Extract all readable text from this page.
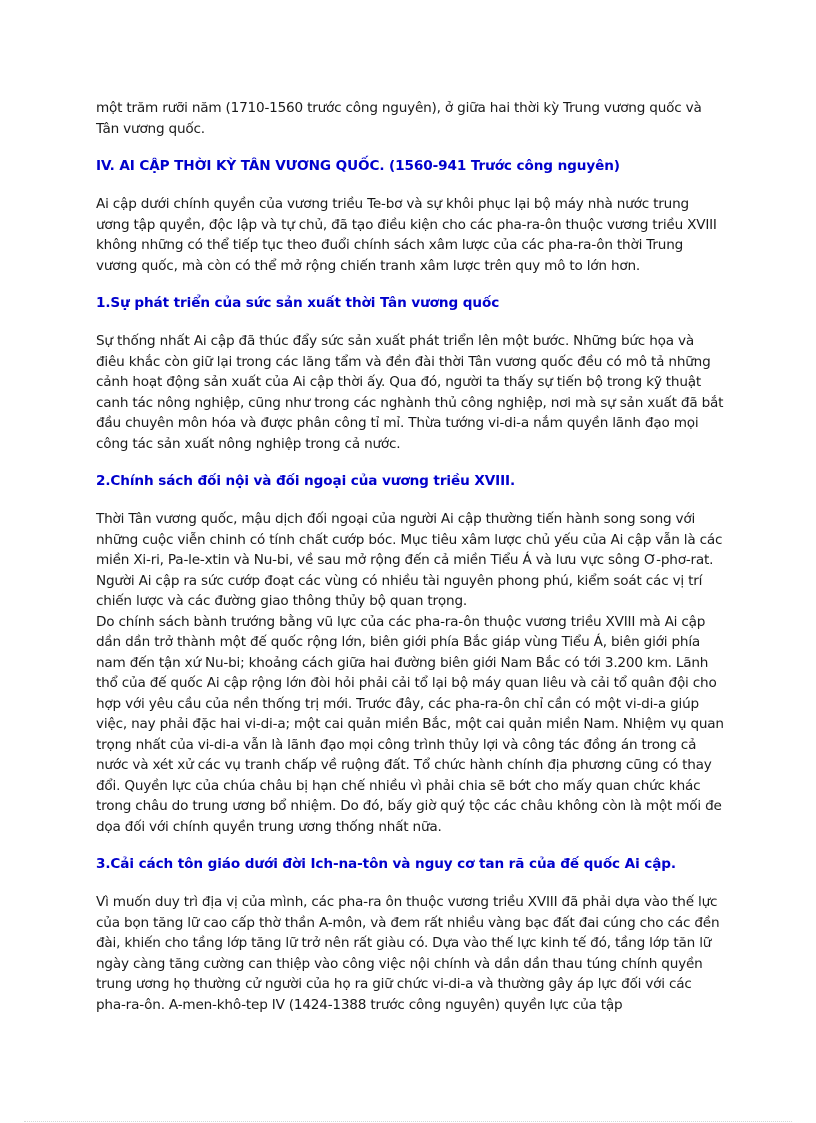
một trăm rưỡi năm (1710-1560 trước công nguyên), ở giữa hai thời kỳ Trung vương quốc và Tân vương quốc.

IV. AI CẬP THỜI KỲ TÂN VƯƠNG QUỐC. (1560-941 Trước công nguyên)

Ai cập dưới chính quyền của vương triều Te-bơ và sự khôi phục lại bộ máy nhà nước trung ương tập quyền, độc lập và tự chủ, đã tạo điều kiện cho các pha-ra-ôn thuộc vương triều XVIII không những có thể tiếp tục theo đuổi chính sách xâm lược của các pha-ra-ôn thời Trung vương quốc, mà còn có thể mở rộng chiến tranh xâm lược trên quy mô to lớn hơn.

1.Sự phát triển của sức sản xuất thời Tân vương quốc

Sự thống nhất Ai cập đã thúc đẩy sức sản xuất phát triển lên một bước. Những bức họa và điêu khắc còn giữ lại trong các lăng tẩm và đền đài thời Tân vương quốc đều có mô tả những cảnh hoạt động sản xuất của Ai cập thời ấy. Qua đó, người ta thấy sự tiến bộ trong kỹ thuật canh tác nông nghiệp, cũng như trong các nghành thủ công nghiệp, nơi mà sự sản xuất đã bắt đầu chuyên môn hóa và được phân công tỉ mỉ. Thừa tướng vi-di-a nắm quyền lãnh đạo mọi công tác sản xuất nông nghiệp trong cả nước.

2.Chính sách đối nội và đối ngoại của vương triều XVIII.

Thời Tân vương quốc, mậu dịch đối ngoại của người Ai cập thường tiến hành song song với những cuộc viễn chinh có tính chất cướp bóc. Mục tiêu xâm lược chủ yếu của Ai cập vẫn là các miền Xi-ri, Pa-le-xtin và Nu-bi, về sau mở rộng đến cả miền Tiểu Á và lưu vực sông Ơ-phơ-rat. Người Ai cập ra sức cướp đoạt các vùng có nhiều tài nguyên phong phú, kiểm soát các vị trí chiến lược và các đường giao thông thủy bộ quan trọng.

Do chính sách bành trướng bằng vũ lực của các pha-ra-ôn thuộc vương triều XVIII mà Ai cập dần dần trở thành một đế quốc rộng lớn, biên giới phía Bắc giáp vùng Tiểu Á, biên giới phía nam đến tận xứ Nu-bi; khoảng cách giữa hai đường biên giới Nam Bắc có tới 3.200 km. Lãnh thổ của đế quốc Ai cập rộng lớn đòi hỏi phải cải tổ lại bộ máy quan liêu và cải tổ quân đội cho hợp với yêu cầu của nền thống trị mới. Trước đây, các pha-ra-ôn chỉ cần có một vi-di-a giúp việc, nay phải đặc hai vi-di-a; một cai quản miền Bắc, một cai quản miền Nam. Nhiệm vụ quan trọng nhất của vi-di-a vẫn là lãnh đạo mọi công trình thủy lợi và công tác đồng án trong cả nước và xét xử các vụ tranh chấp về ruộng đất. Tổ chức hành chính địa phương cũng có thay đổi. Quyền lực của chúa châu bị hạn chế nhiều vì phải chia sẽ bớt cho mấy quan chức khác trong châu do trung ương bổ nhiệm. Do đó, bấy giờ quý tộc các châu không còn là một mối đe dọa đối với chính quyền trung ương thống nhất nữa.

3.Cải cách tôn giáo dưới đời Ich-na-tôn và nguy cơ tan rã của đế quốc Ai cập.

Vì muốn duy trì địa vị của mình, các pha-ra ôn thuộc vương triều XVIII đã phải dựa vào thế lực của bọn tăng lữ cao cấp thờ thần A-môn, và đem rất nhiều vàng bạc đất đai cúng cho các đền đài, khiến cho tầng lớp tăng lữ trở nên rất giàu có. Dựa vào thế lực kinh tế đó, tầng lớp tăn lữ ngày càng tăng cường can thiệp vào công việc nội chính và dần dần thau túng chính quyền trung ương họ thường cử người của họ ra giữ chức vi-di-a và thường gây áp lực đối với các pha-ra-ôn. A-men-khô-tep IV (1424-1388 trước công nguyên) quyền lực của tập
